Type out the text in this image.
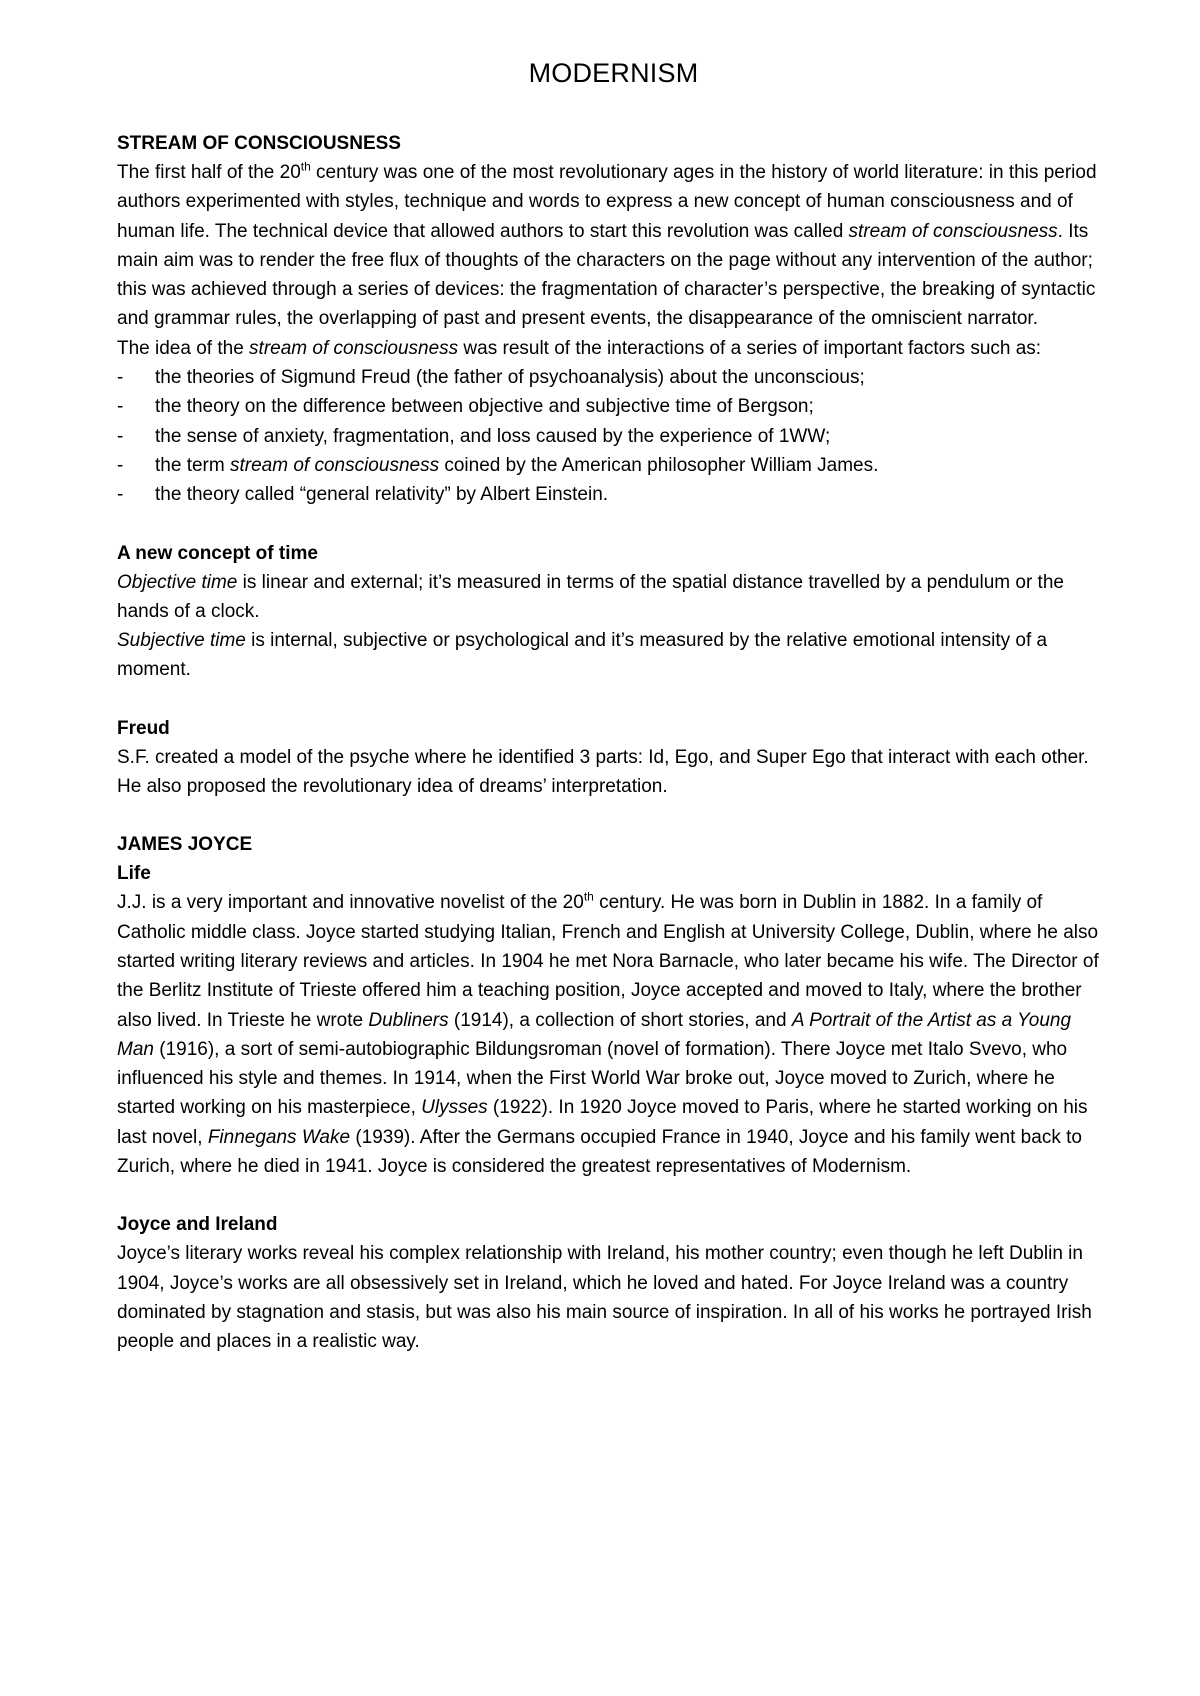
MODERNISM
STREAM OF CONSCIOUSNESS

The first half of the 20th century was one of the most revolutionary ages in the history of world literature: in this period authors experimented with styles, technique and words to express a new concept of human consciousness and of human life. The technical device that allowed authors to start this revolution was called stream of consciousness. Its main aim was to render the free flux of thoughts of the characters on the page without any intervention of the author; this was achieved through a series of devices: the fragmentation of character’s perspective, the breaking of syntactic and grammar rules, the overlapping of past and present events, the disappearance of the omniscient narrator.

The idea of the stream of consciousness was result of the interactions of a series of important factors such as:

- the theories of Sigmund Freud (the father of psychoanalysis) about the unconscious;
- the theory on the difference between objective and subjective time of Bergson;
- the sense of anxiety, fragmentation, and loss caused by the experience of 1WW;
- the term stream of consciousness coined by the American philosopher William James.
- the theory called “general relativity” by Albert Einstein.
A new concept of time

Objective time is linear and external; it’s measured in terms of the spatial distance travelled by a pendulum or the hands of a clock.

Subjective time is internal, subjective or psychological and it’s measured by the relative emotional intensity of a moment.

Freud

S.F. created a model of the psyche where he identified 3 parts: Id, Ego, and Super Ego that interact with each other.

He also proposed the revolutionary idea of dreams’ interpretation.

JAMES JOYCE
Life

J.J. is a very important and innovative novelist of the 20th century. He was born in Dublin in 1882. In a family of Catholic middle class. Joyce started studying Italian, French and English at University College, Dublin, where he also started writing literary reviews and articles. In 1904 he met Nora Barnacle, who later became his wife. The Director of the Berlitz Institute of Trieste offered him a teaching position, Joyce accepted and moved to Italy, where the brother also lived. In Trieste he wrote Dubliners (1914), a collection of short stories, and A Portrait of the Artist as a Young Man (1916), a sort of semi-autobiographic Bildungsroman (novel of formation). There Joyce met Italo Svevo, who influenced his style and themes. In 1914, when the First World War broke out, Joyce moved to Zurich, where he started working on his masterpiece, Ulysses (1922). In 1920 Joyce moved to Paris, where he started working on his last novel, Finnegans Wake (1939). After the Germans occupied France in 1940, Joyce and his family went back to Zurich, where he died in 1941. Joyce is considered the greatest representatives of Modernism.

Joyce and Ireland

Joyce’s literary works reveal his complex relationship with Ireland, his mother country; even though he left Dublin in 1904, Joyce’s works are all obsessively set in Ireland, which he loved and hated. For Joyce Ireland was a country dominated by stagnation and stasis, but was also his main source of inspiration. In all of his works he portrayed Irish people and places in a realistic way.
